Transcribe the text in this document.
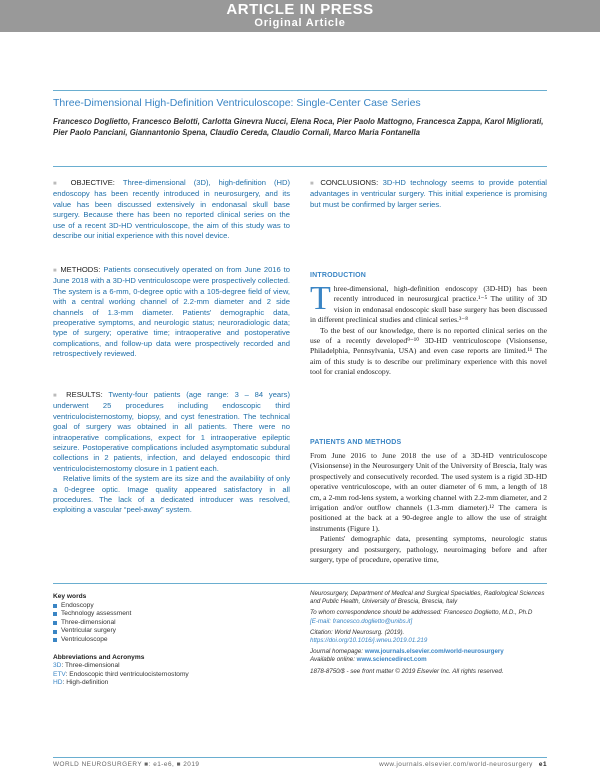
ARTICLE IN PRESS
Original Article
Three-Dimensional High-Definition Ventriculoscope: Single-Center Case Series
Francesco Doglietto, Francesco Belotti, Carlotta Ginevra Nucci, Elena Roca, Pier Paolo Mattogno, Francesca Zappa, Karol Migliorati, Pier Paolo Panciani, Giannantonio Spena, Claudio Cereda, Claudio Cornali, Marco Maria Fontanella

■ OBJECTIVE: Three-dimensional (3D), high-definition (HD) endoscopy has been recently introduced in neurosurgery, and its value has been discussed extensively in endonasal skull base surgery. Because there has been no reported clinical series on the use of a recent 3D-HD ventriculoscope, the aim of this study was to describe our initial experience with this novel device.

■ METHODS: Patients consecutively operated on from June 2016 to June 2018 with a 3D-HD ventriculoscope were prospectively collected. The system is a 6-mm, 0-degree optic with a 105-degree field of view, with a central working channel of 2.2-mm diameter and 2 side channels of 1.3-mm diameter. Patients' demographic data, preoperative symptoms, and neurologic status; neuroradiologic data; type of surgery; operative time; intraoperative and postoperative complications, and follow-up data were prospectively recorded and retrospectively reviewed.

■ RESULTS: Twenty-four patients (age range: 3 – 84 years) underwent 25 procedures including endoscopic third ventriculocisternostomy, biopsy, and cyst fenestration. The technical goal of surgery was obtained in all patients. There were no intraoperative complications, expect for 1 intraoperative epileptic seizure. Postoperative complications included asymptomatic subdural collections in 2 patients, infection, and delayed endoscopic third ventriculocisternostomy closure in 1 patient each.

Relative limits of the system are its size and the availability of only a 0-degree optic. Image quality appeared satisfactory in all procedures. The lack of a dedicated introducer was resolved, exploiting a vascular “peel-away” system.

■ CONCLUSIONS: 3D-HD technology seems to provide potential advantages in ventricular surgery. This initial experience is promising but must be confirmed by larger series.

INTRODUCTION

Three-dimensional, high-definition endoscopy (3D-HD) has been recently introduced in neurosurgical practice.¹⁻⁵ The utility of 3D vision in endonasal endoscopic skull base surgery has been discussed in different preclinical studies and clinical series.³⁻⁸

To the best of our knowledge, there is no reported clinical series on the use of a recently developed⁹⁻¹⁰ 3D-HD ventriculoscope (Visionsense, Philadelphia, Pennsylvania, USA) and even case reports are limited.¹¹ The aim of this study is to describe our preliminary experience with this novel tool for cranial endoscopy.

PATIENTS AND METHODS

From June 2016 to June 2018 the use of a 3D-HD ventriculoscope (Visionsense) in the Neurosurgery Unit of the University of Brescia, Italy was prospectively and consecutively recorded. The used system is a rigid 3D-HD operative ventriculoscope, with an outer diameter of 6 mm, a length of 18 cm, a 2-mm rod-lens system, a working channel with 2.2-mm diameter, and 2 irrigation and/or outflow channels (1.3-mm diameter).¹² The camera is positioned at the back at a 90-degree angle to allow the use of straight instruments (Figure 1).

Patients' demographic data, presenting symptoms, neurologic status presurgery and postsurgery, pathology, neuroimaging before and after surgery, type of procedure, operative time,

Key words
Endoscopy
Technology assessment
Three-dimensional
Ventricular surgery
Ventriculoscope
Abbreviations and Acronyms
3D: Three-dimensional
ETV: Endoscopic third ventriculocisternostomy
HD: High-definition

Neurosurgery, Department of Medical and Surgical Specialties, Radiological Sciences and Public Health, University of Brescia, Brescia, Italy

To whom correspondence should be addressed: Francesco Doglietto, M.D., Ph.D

[E-mail: francesco.doglietto@unibs.it]

Citation: World Neurosurg. (2019).

https://doi.org/10.1016/j.wneu.2019.01.219

Journal homepage: www.journals.elsevier.com/world-neurosurgery

Available online: www.sciencedirect.com

1878-8750/$ - see front matter © 2019 Elsevier Inc. All rights reserved.

WORLD NEUROSURGERY ■: e1-e6, ■ 2019	www.journals.elsevier.com/world-neurosurgery e1
